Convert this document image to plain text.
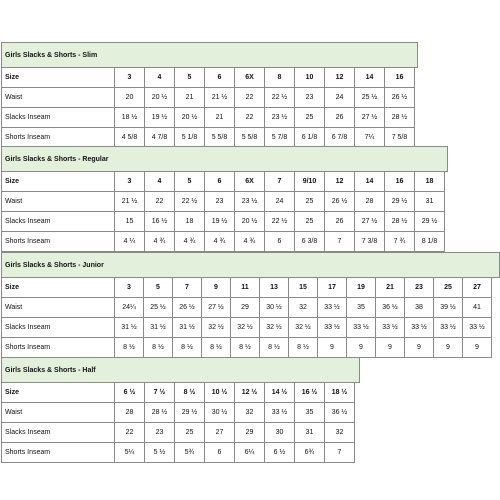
Girls Slacks & Shorts - Slim											
Size	3	4	5	6	6X	8	10	12	14	16	
Waist	20	20 ½	21	21 ½	22	22 ½	23	24	25 ½	26 ½	
Slacks Inseam	18 ½	19 ½	20 ½	21	22	23 ½	25	26	27 ½	28 ½	
Shorts Inseam	4 5/8	4 7/8	5 1/8	5 5/8	5 5/8	5 7/8	6 1/8	6 7/8	7¼	7 5/8	
Girls Slacks & Shorts - Regular												
Size	3	4	5	6	6X	7	9/10	12	14	16	18	
Waist	21 ½	22	22 ½	23	23 ½	24	25	26 ½	28	29 ½	31	
Slacks Inseam	15	16 ½	18	19 ½	20 ½	22 ½	25	26	27 ½	28 ½	29 ½	
Shorts Inseam	4 ¼	4 ¾	4 ¾	4 ¾	4 ¾	6	6 3/8	7	7 3/8	7 ¾	8 1/8	
Girls Slacks & Shorts - Junior														
Size	3	5	7	9	11	13	15	17	19	21	23	25	27	
Waist	24¼	25 ½	26 ½	27 ½	29	30 ½	32	33 ½	35	36 ½	38	39 ½	41	
Slacks Inseam	31 ½	31 ½	31 ½	32 ½	32 ½	32 ½	32 ½	33 ½	33 ½	33 ½	33 ½	33 ½	33 ½	
Shorts Inseam	8 ½	8 ½	8 ½	8 ½	8 ½	8 ½	8 ½	9	9	9	9	9	9	
Girls Slacks & Shorts - Half									
Size	6 ½	7 ½	8 ½	10 ½	12 ½	14 ½	16 ½	18 ½	
Waist	28	28 ½	29 ½	30 ½	32	33 ½	35	36 ½	
Slacks Inseam	22	23	25	27	29	30	31	32	
Shorts Inseam	5¼	5 ½	5¾	6	6¼	6 ½	6¾	7	
